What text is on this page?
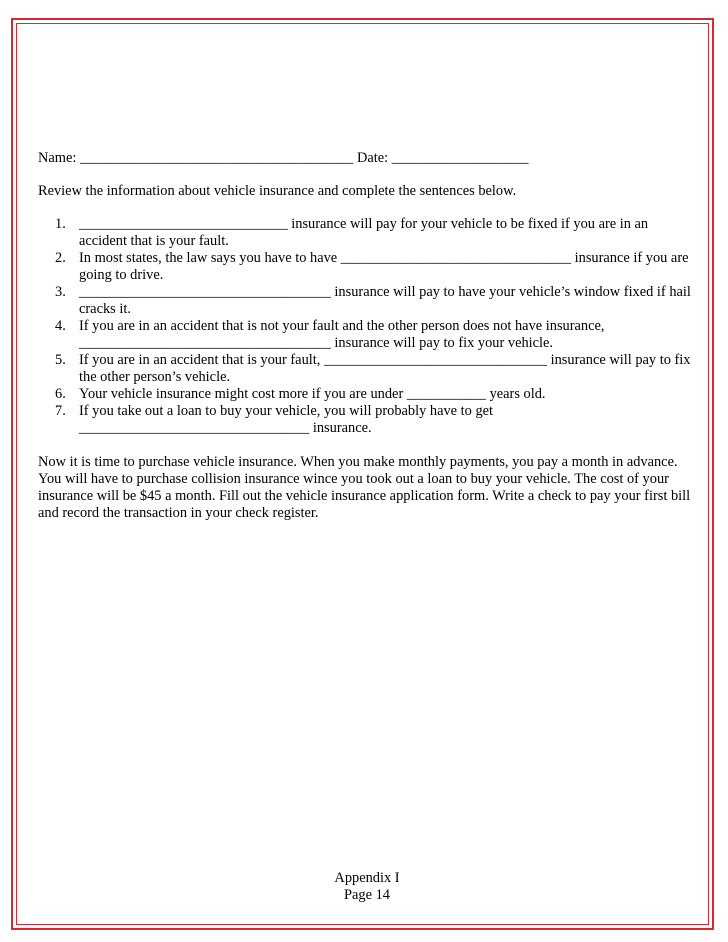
Name: ______________________________________ Date: ___________________

Review the information about vehicle insurance and complete the sentences below.

1. _____________________________ insurance will pay for your vehicle to be fixed if you are in an accident that is your fault.
2. In most states, the law says you have to have ________________________________ insurance if you are going to drive.
3. ___________________________________ insurance will pay to have your vehicle’s window fixed if hail cracks it.
4. If you are in an accident that is not your fault and the other person does not have insurance, ___________________________________ insurance will pay to fix your vehicle.
5. If you are in an accident that is your fault, _______________________________ insurance will pay to fix the other person’s vehicle.
6. Your vehicle insurance might cost more if you are under ___________ years old.
7. If you take out a loan to buy your vehicle, you will probably have to get ________________________________ insurance.

Now it is time to purchase vehicle insurance. When you make monthly payments, you pay a month in advance. You will have to purchase collision insurance wince you took out a loan to buy your vehicle. The cost of your insurance will be $45 a month. Fill out the vehicle insurance application form. Write a check to pay your first bill and record the transaction in your check register.

Appendix I
Page 14
